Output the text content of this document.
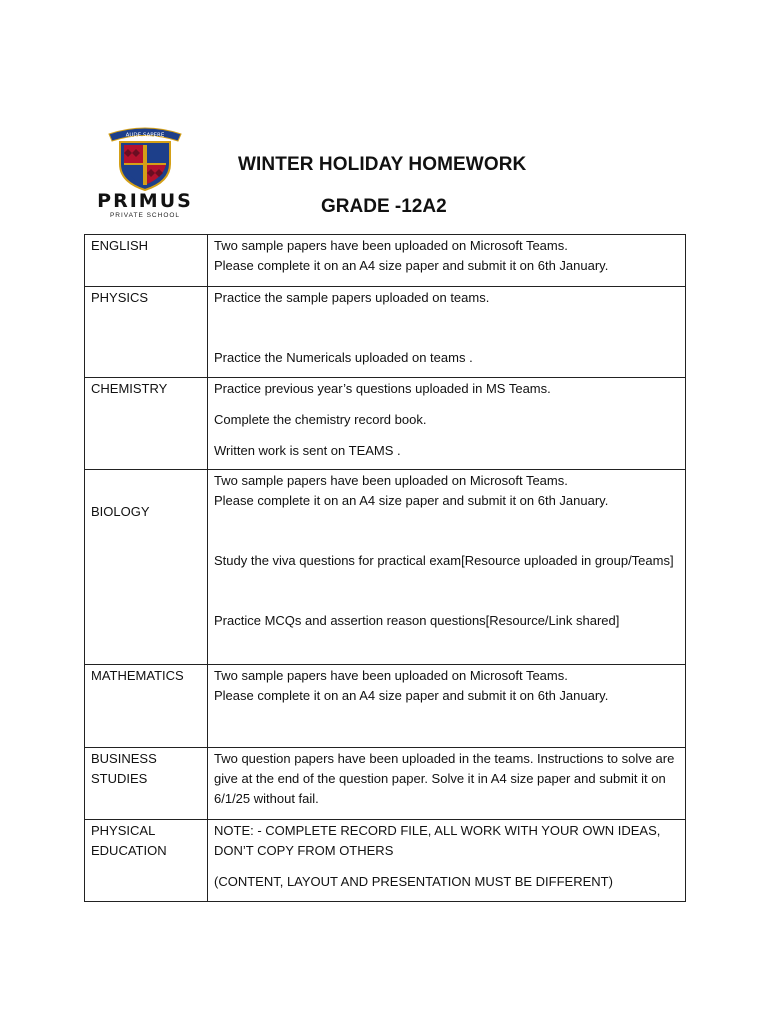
AUDE SAPERE
PRIMUS
PRIVATE SCHOOL
WINTER HOLIDAY HOMEWORK
GRADE -12A2
ENGLISH	Two sample papers have been uploaded on Microsoft Teams.
Please complete it on an A4 size paper and submit it on 6th January.

PHYSICS	Practice the sample papers uploaded on teams.
Practice the Numericals uploaded on teams .

CHEMISTRY	Practice previous year’s questions uploaded in MS Teams.
Complete the chemistry record book.
Written work is sent on TEAMS .

BIOLOGY	Two sample papers have been uploaded on Microsoft Teams.
Please complete it on an A4 size paper and submit it on 6th January.
Study the viva questions for practical exam[Resource uploaded in group/Teams]
Practice MCQs and assertion reason questions[Resource/Link shared]

MATHEMATICS	Two sample papers have been uploaded on Microsoft Teams.
Please complete it on an A4 size paper and submit it on 6th January.

BUSINESS
STUDIES	Two question papers have been uploaded in the teams. Instructions to solve are give at the end of the question paper. Solve it in A4 size paper and submit it on 6/1/25 without fail.

PHYSICAL
EDUCATION	NOTE: - COMPLETE RECORD FILE, ALL WORK WITH YOUR OWN IDEAS, DON’T COPY FROM OTHERS
(CONTENT, LAYOUT AND PRESENTATION MUST BE DIFFERENT)
